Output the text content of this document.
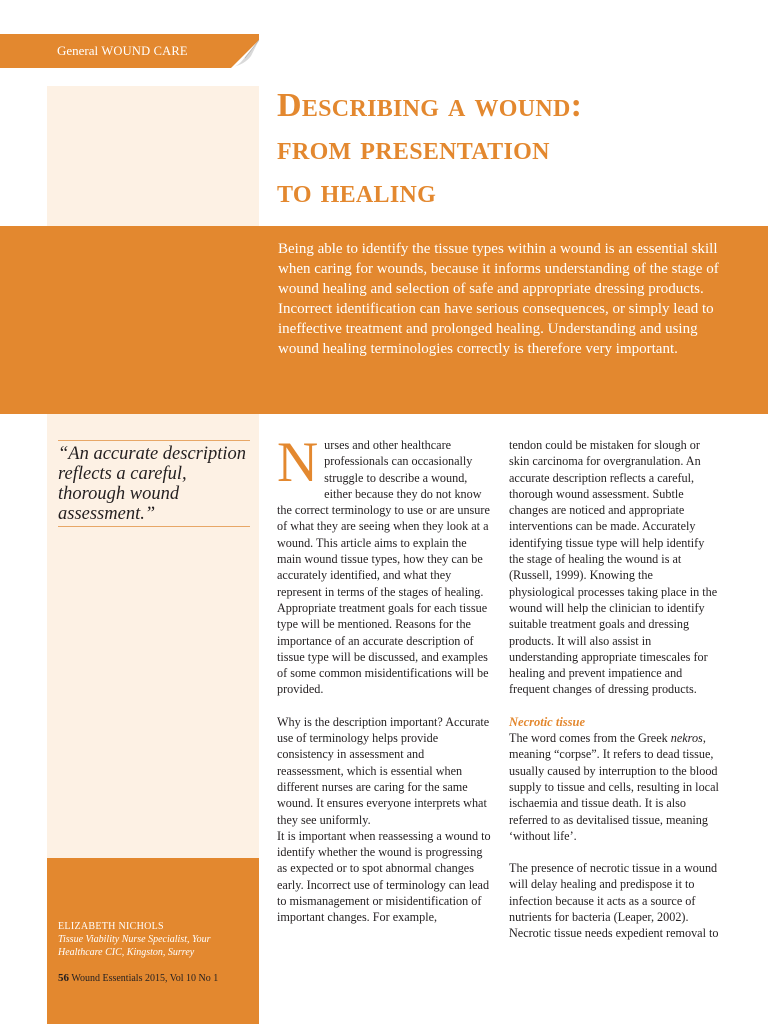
General WOUND CARE
Describing a wound:
from presentation
to healing

Being able to identify the tissue types within a wound is an essential skill when caring for wounds, because it informs understanding of the stage of wound healing and selection of safe and appropriate dressing products. Incorrect identification can have serious consequences, or simply lead to ineffective treatment and prolonged healing. Understanding and using wound healing terminologies correctly is therefore very important.

“An accurate description reflects a careful, thorough wound assessment.”

ELIZABETH NICHOLS
Tissue Viability Nurse Specialist, Your Healthcare CIC, Kingston, Surrey
56 Wound Essentials 2015, Vol 10 No 1

Nurses and other healthcare professionals can occasionally struggle to describe a wound, either because they do not know the correct terminology to use or are unsure of what they are seeing when they look at a wound. This article aims to explain the main wound tissue types, how they can be accurately identified, and what they represent in terms of the stages of healing. Appropriate treatment goals for each tissue type will be mentioned. Reasons for the importance of an accurate description of tissue type will be discussed, and examples of some common misidentifications will be provided.

Why is the description important? Accurate use of terminology helps provide consistency in assessment and reassessment, which is essential when different nurses are caring for the same wound. It ensures everyone interprets what they see uniformly.

It is important when reassessing a wound to identify whether the wound is progressing as expected or to spot abnormal changes early. Incorrect use of terminology can lead to mismanagement or misidentification of important changes. For example,

tendon could be mistaken for slough or skin carcinoma for overgranulation. An accurate description reflects a careful, thorough wound assessment. Subtle changes are noticed and appropriate interventions can be made. Accurately identifying tissue type will help identify the stage of healing the wound is at (Russell, 1999). Knowing the physiological processes taking place in the wound will help the clinician to identify suitable treatment goals and dressing products. It will also assist in understanding appropriate timescales for healing and prevent impatience and frequent changes of dressing products.

Necrotic tissue

The word comes from the Greek nekros, meaning “corpse”. It refers to dead tissue, usually caused by interruption to the blood supply to tissue and cells, resulting in local ischaemia and tissue death. It is also referred to as devitalised tissue, meaning ‘without life’.

The presence of necrotic tissue in a wound will delay healing and predispose it to infection because it acts as a source of nutrients for bacteria (Leaper, 2002). Necrotic tissue needs expedient removal to
